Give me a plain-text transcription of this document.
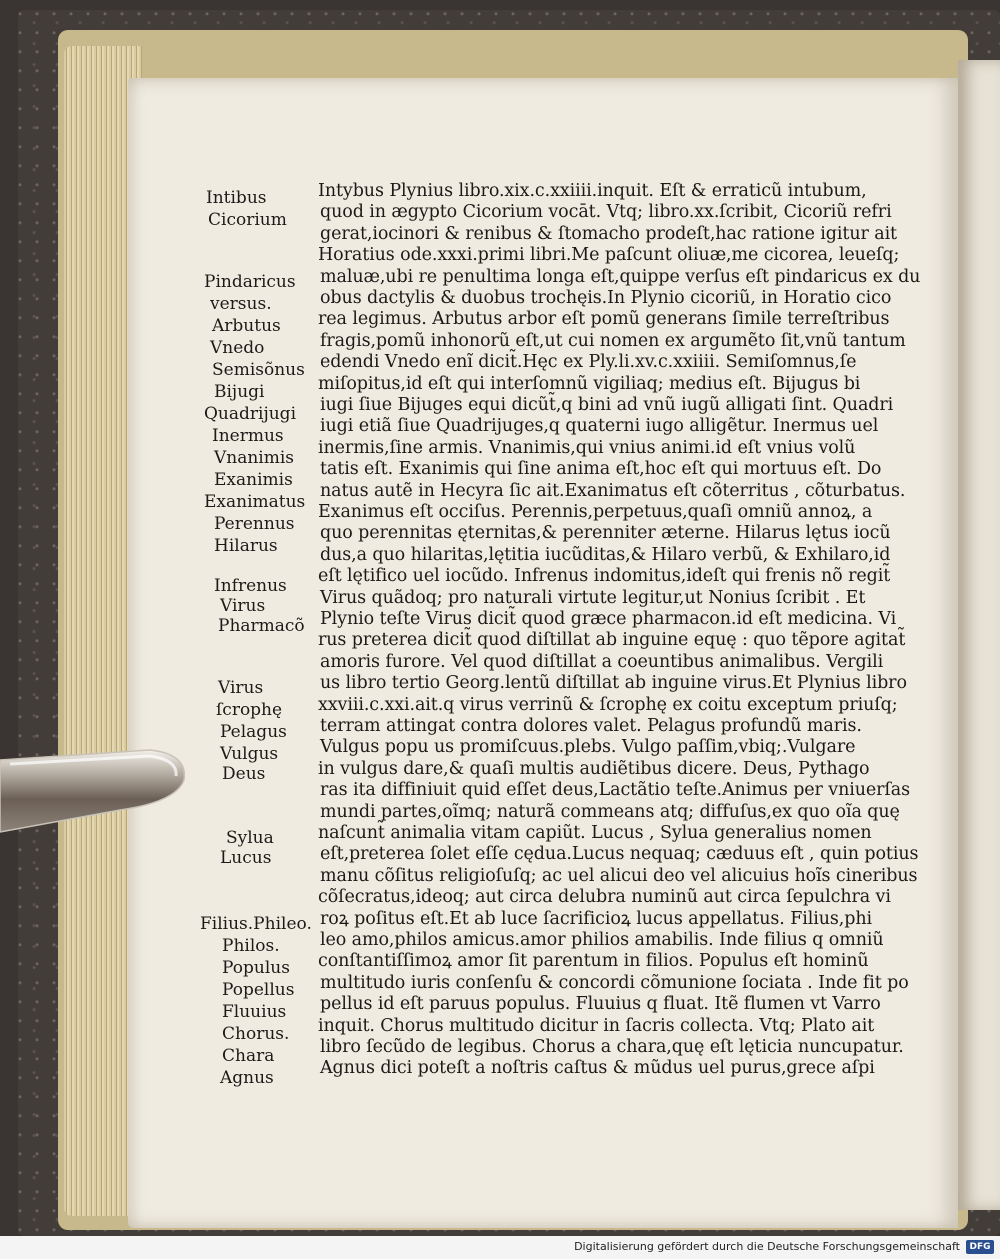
Intibus
Cicorium
Pindaricus
versus.
Arbutus
Vnedo
Semisõnus
Bijugi
Quadrijugi
Inermus
Vnanimis
Exanimis
Exanimatus
Perennus
Hilarus
Infrenus
Virus
Pharmacõ
Virus
ſcrophę
Pelagus
Vulgus
Deus
Sylua
Lucus
Filius.Phileo.
Philos.
Populus
Popellus
Fluuius
Chorus.
Chara
Agnus
Intybus Plynius libro.xix.c.xxiiii.inquit. Eſt & erraticũ intubum,
quod in ægypto Cicorium vocāt. Vtq; libro.xx.ſcribit, Cicoriũ refri
gerat,iocinori & renibus & ſtomacho prodeſt,hac ratione igitur ait
Horatius ode.xxxi.primi libri.Me paſcunt oliuæ,me cicorea, leueſq;
maluæ,ubi re penultima longa eſt,quippe verſus eſt pindaricus ex du
obus dactylis & duobus trochęis.In Plynio cicoriũ, in Horatio cico
rea legimus. Arbutus arbor eſt pomũ generans ſimile terreſtribus
fragis,pomũ inhonorũ eſt,ut cui nomen ex argumẽto ſit,vnũ tantum
edendi Vnedo enĩ dicit̃.Hęc ex Ply.li.xv.c.xxiiii. Semiſomnus,ſe
miſopitus,id eſt qui interſomnũ vigiliaq; medius eſt. Bijugus bi
iugi ſiue Bijuges equi dicũt̃,q bini ad vnũ iugũ alligati ſint. Quadri
iugi etiã ſiue Quadrijuges,q quaterni iugo alligẽtur. Inermus uel
inermis,ſine armis. Vnanimis,qui vnius animi.id eſt vnius volũ
tatis eſt. Exanimis qui ſine anima eſt,hoc eſt qui mortuus eſt. Do
natus autẽ in Hecyra ſic ait.Exanimatus eſt cõterritus , cõturbatus.
Exanimus eſt occiſus. Perennis,perpetuus,quaſi omniũ annoꝝ, a
quo perennitas ęternitas,& perenniter æterne. Hilarus lętus iocũ
dus,a quo hilaritas,lętitia iucũditas,& Hilaro verbũ, & Exhilaro,id
eſt lętifico uel iocũdo. Infrenus indomitus,ideſt qui frenis nõ regit̃
Virus quãdoq; pro naturali virtute legitur,ut Nonius ſcribit . Et
Plynio teſte Virus dicit̃ quod græce pharmacon.id eſt medicina. Vi
rus preterea dicit̃ quod diſtillat ab inguine equę : quo tẽpore agitat̃
amoris furore. Vel quod diſtillat a coeuntibus animalibus. Vergili
us libro tertio Georg.lentũ diſtillat ab inguine virus.Et Plynius libro
xxviii.c.xxi.ait.q virus verrinũ & ſcrophę ex coitu exceptum priuſq;
terram attingat contra dolores valet. Pelagus profundũ maris.
Vulgus popu us promiſcuus.plebs. Vulgo paſſim,vbiq;.Vulgare
in vulgus dare,& quaſi multis audiẽtibus dicere. Deus, Pythago
ras ita diffiniuit quid eſſet deus,Lactãtio teſte.Animus per vniuerſas
mundi partes,oĩmq; naturã commeans atq; diffuſus,ex quo oĩa quę
naſcunt̃ animalia vitam capiũt. Lucus , Sylua generalius nomen
eſt,preterea ſolet eſſe cędua.Lucus nequaq; cæduus eſt , quin potius
manu cõſitus religioſuſq; ac uel alicui deo vel alicuius hoĩs cineribus
cõſecratus,ideoq; aut circa delubra numinũ aut circa ſepulchra vi
roꝝ poſitus eſt.Et ab luce ſacrificioꝝ lucus appellatus. Filius,phi
leo amo,philos amicus.amor philios amabilis. Inde filius q omniũ
conſtantiſſimoꝝ amor ſit parentum in filios. Populus eſt hominũ
multitudo iuris conſenſu & concordi cõmunione ſociata . Inde fit po
pellus id eſt paruus populus. Fluuius q fluat. Itẽ flumen vt Varro
inquit. Chorus multitudo dicitur in ſacris collecta. Vtq; Plato ait
libro ſecũdo de legibus. Chorus a chara,quę eſt lęticia nuncupatur.
Agnus dici poteſt a noſtris caſtus & mũdus uel purus,grece aſpi
Digitalisierung gefördert durch die Deutsche Forschungsgemeinschaft	DFG
